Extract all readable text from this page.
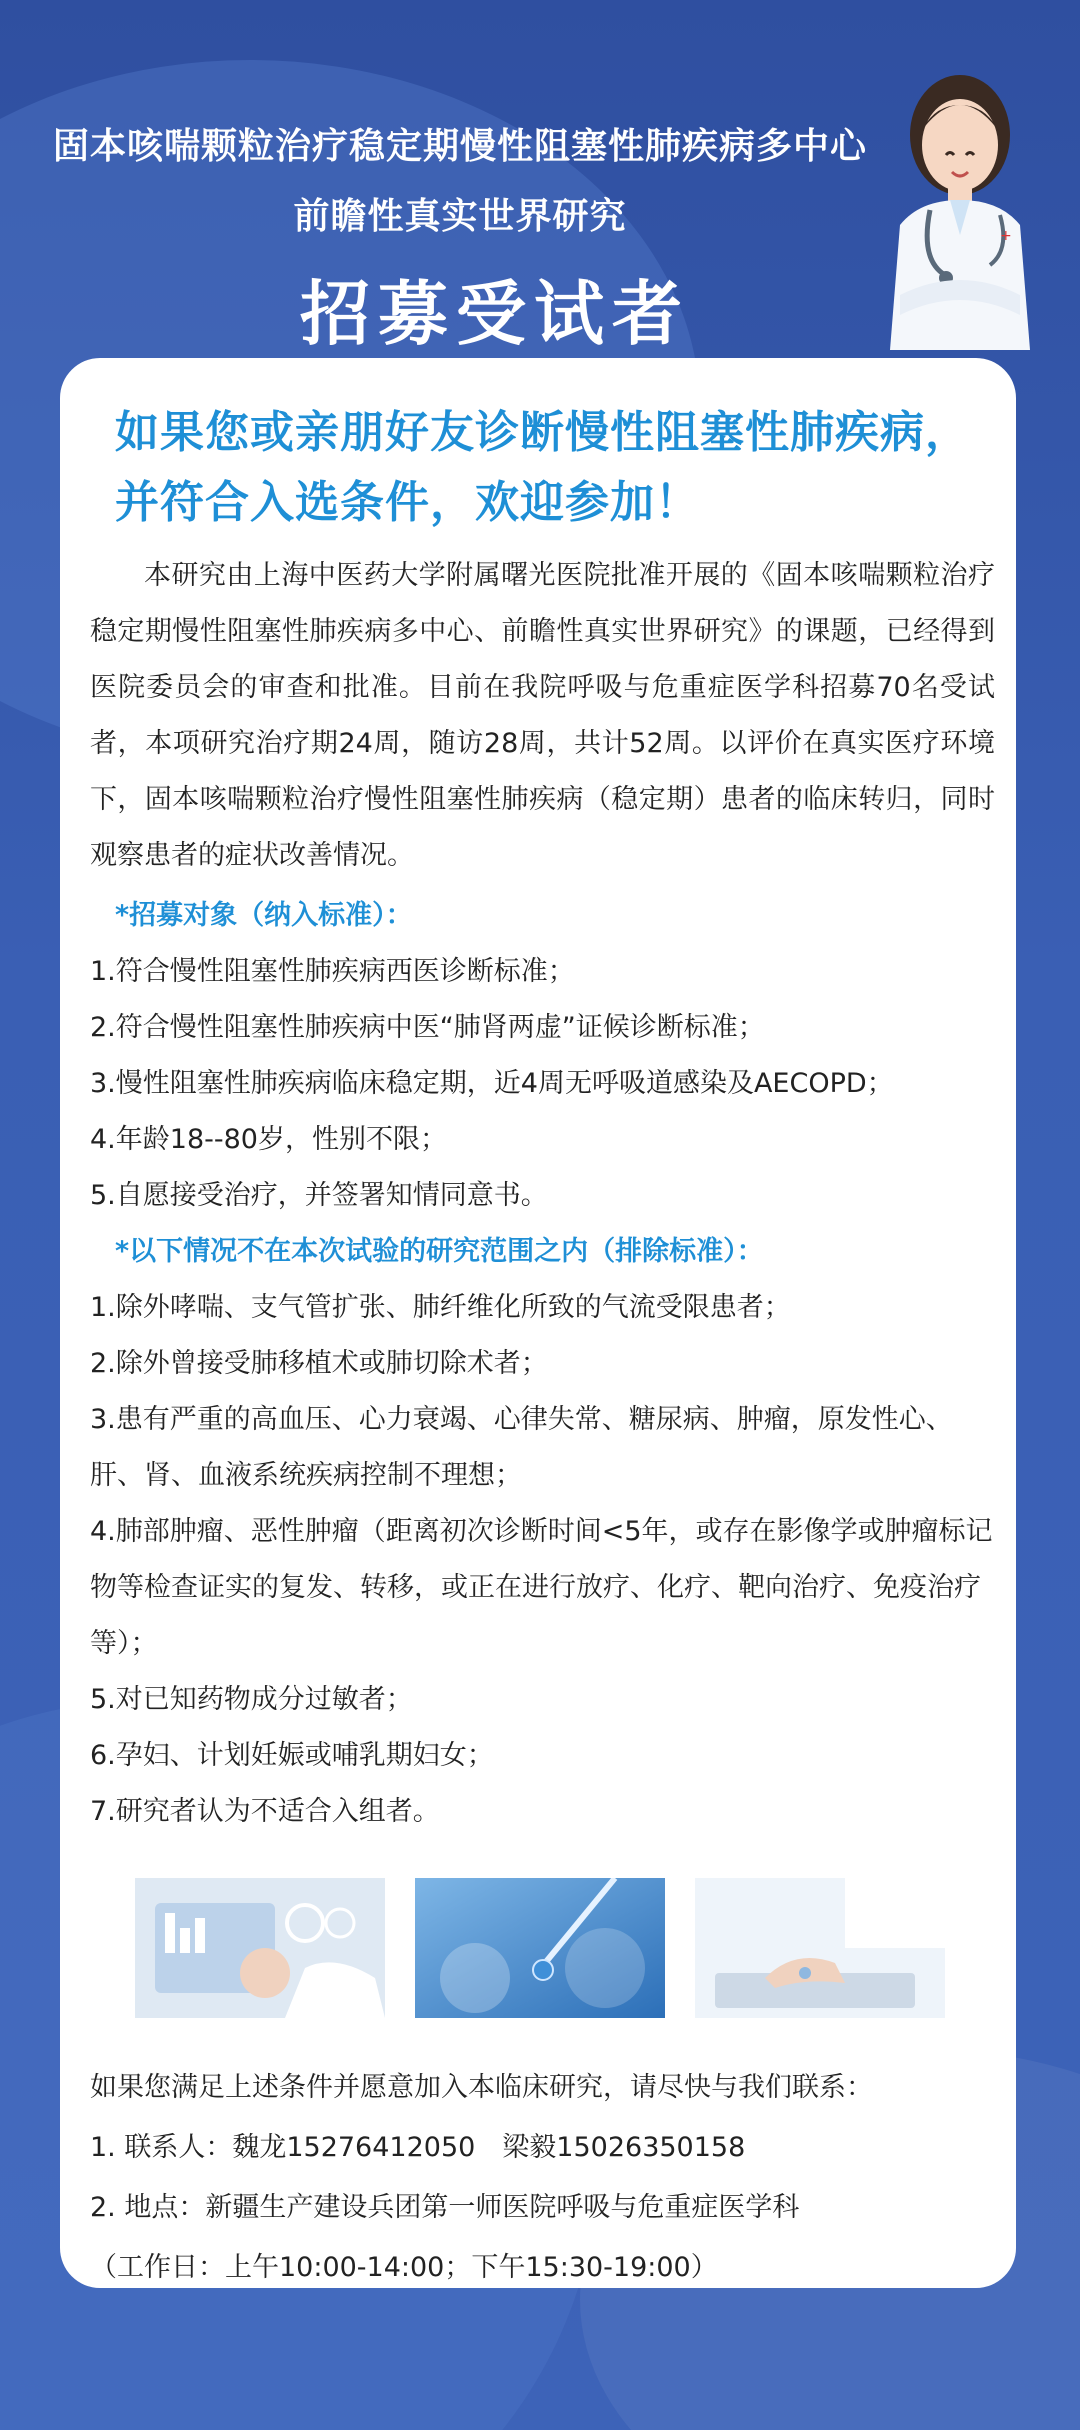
固本咳喘颗粒治疗稳定期慢性阻塞性肺疾病多中心
前瞻性真实世界研究
招募受试者
+
如果您或亲朋好友诊断慢性阻塞性肺疾病，
并符合入选条件，欢迎参加！
本研究由上海中医药大学附属曙光医院批准开展的《固本咳喘颗粒治疗稳定期慢性阻塞性肺疾病多中心、前瞻性真实世界研究》的课题，已经得到医院委员会的审查和批准。目前在我院呼吸与危重症医学科招募70名受试者，本项研究治疗期24周，随访28周，共计52周。以评价在真实医疗环境下，固本咳喘颗粒治疗慢性阻塞性肺疾病（稳定期）患者的临床转归，同时观察患者的症状改善情况。
*招募对象（纳入标准）：
1.符合慢性阻塞性肺疾病西医诊断标准；
2.符合慢性阻塞性肺疾病中医“肺肾两虚”证候诊断标准；
3.慢性阻塞性肺疾病临床稳定期，近4周无呼吸道感染及AECOPD；
4.年龄18--80岁，性别不限；
5.自愿接受治疗，并签署知情同意书。
*以下情况不在本次试验的研究范围之内（排除标准）：
1.除外哮喘、支气管扩张、肺纤维化所致的气流受限患者；
2.除外曾接受肺移植术或肺切除术者；
3.患有严重的高血压、心力衰竭、心律失常、糖尿病、肿瘤，原发性心、肝、肾、血液系统疾病控制不理想；
4.肺部肿瘤、恶性肿瘤（距离初次诊断时间<5年，或存在影像学或肿瘤标记物等检查证实的复发、转移，或正在进行放疗、化疗、靶向治疗、免疫治疗等）；
5.对已知药物成分过敏者；
6.孕妇、计划妊娠或哺乳期妇女；
7.研究者认为不适合入组者。
如果您满足上述条件并愿意加入本临床研究，请尽快与我们联系：
1. 联系人：魏龙15276412050　梁毅15026350158
2. 地点：新疆生产建设兵团第一师医院呼吸与危重症医学科
（工作日：上午10:00-14:00；下午15:30-19:00）
